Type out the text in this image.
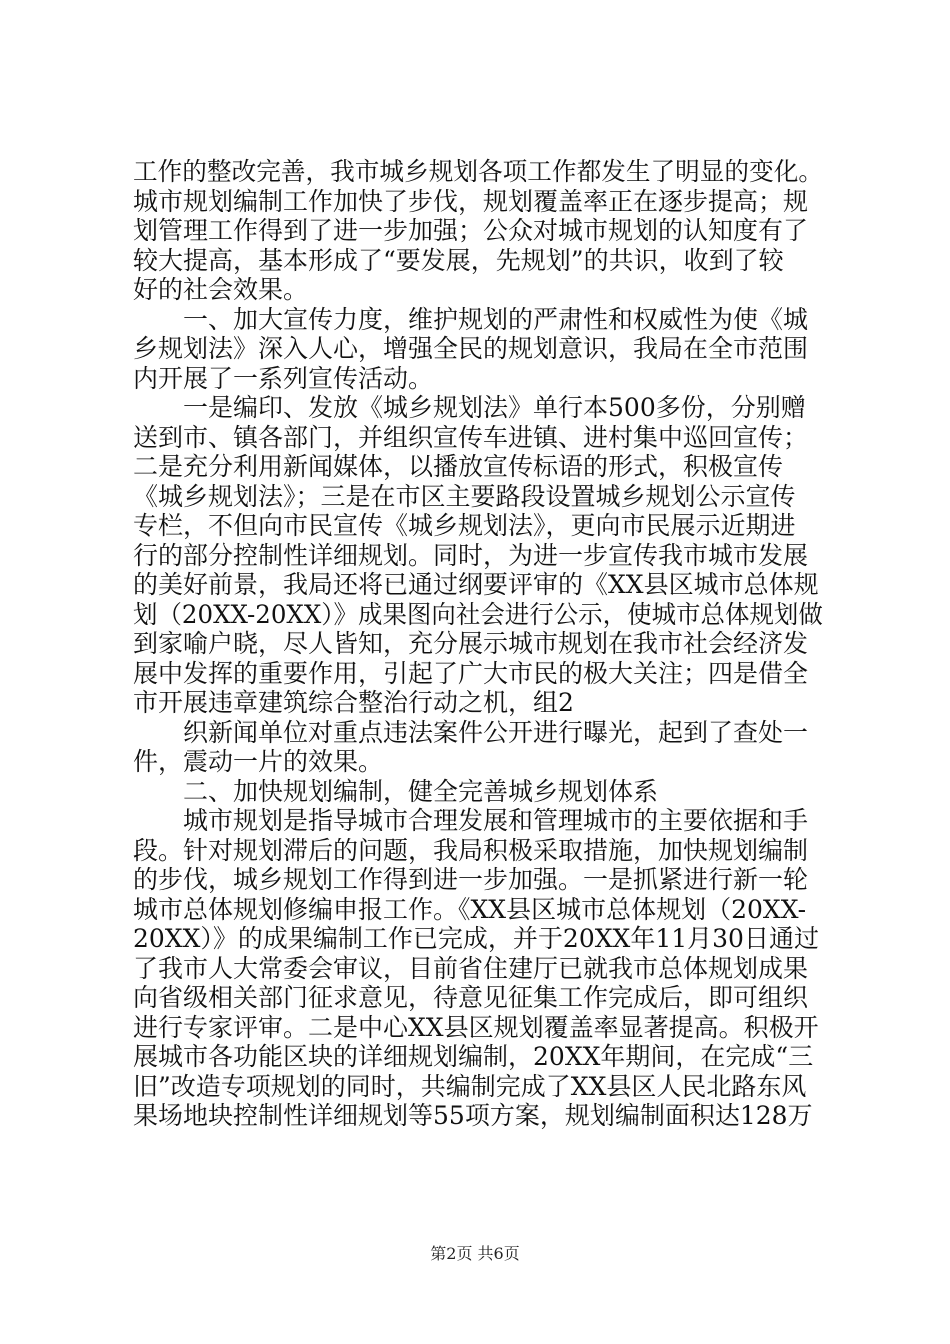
工作的整改完善，我市城乡规划各项工作都发生了明显的变化。
城市规划编制工作加快了步伐，规划覆盖率正在逐步提高；规
划管理工作得到了进一步加强；公众对城市规划的认知度有了
较大提高，基本形成了“要发展，先规划”的共识，收到了较
好的社会效果。
　　一、加大宣传力度，维护规划的严肃性和权威性为使《城
乡规划法》深入人心，增强全民的规划意识，我局在全市范围
内开展了一系列宣传活动。
　　一是编印、发放《城乡规划法》单行本500多份，分别赠
送到市、镇各部门，并组织宣传车进镇、进村集中巡回宣传；
二是充分利用新闻媒体，以播放宣传标语的形式，积极宣传
《城乡规划法》；三是在市区主要路段设置城乡规划公示宣传
专栏，不但向市民宣传《城乡规划法》，更向市民展示近期进
行的部分控制性详细规划。同时，为进一步宣传我市城市发展
的美好前景，我局还将已通过纲要评审的《XX县区城市总体规
划（20XX-20XX）》成果图向社会进行公示，使城市总体规划做
到家喻户晓，尽人皆知，充分展示城市规划在我市社会经济发
展中发挥的重要作用，引起了广大市民的极大关注；四是借全
市开展违章建筑综合整治行动之机，组2
　　织新闻单位对重点违法案件公开进行曝光，起到了查处一
件，震动一片的效果。
　　二、加快规划编制，健全完善城乡规划体系
　　城市规划是指导城市合理发展和管理城市的主要依据和手
段。针对规划滞后的问题，我局积极采取措施，加快规划编制
的步伐，城乡规划工作得到进一步加强。一是抓紧进行新一轮
城市总体规划修编申报工作。《XX县区城市总体规划（20XX-
20XX）》的成果编制工作已完成，并于20XX年11月30日通过
了我市人大常委会审议，目前省住建厅已就我市总体规划成果
向省级相关部门征求意见，待意见征集工作完成后，即可组织
进行专家评审。二是中心XX县区规划覆盖率显著提高。积极开
展城市各功能区块的详细规划编制，20XX年期间，在完成“三
旧”改造专项规划的同时，共编制完成了XX县区人民北路东风
果场地块控制性详细规划等55项方案，规划编制面积达128万
第2页 共6页
